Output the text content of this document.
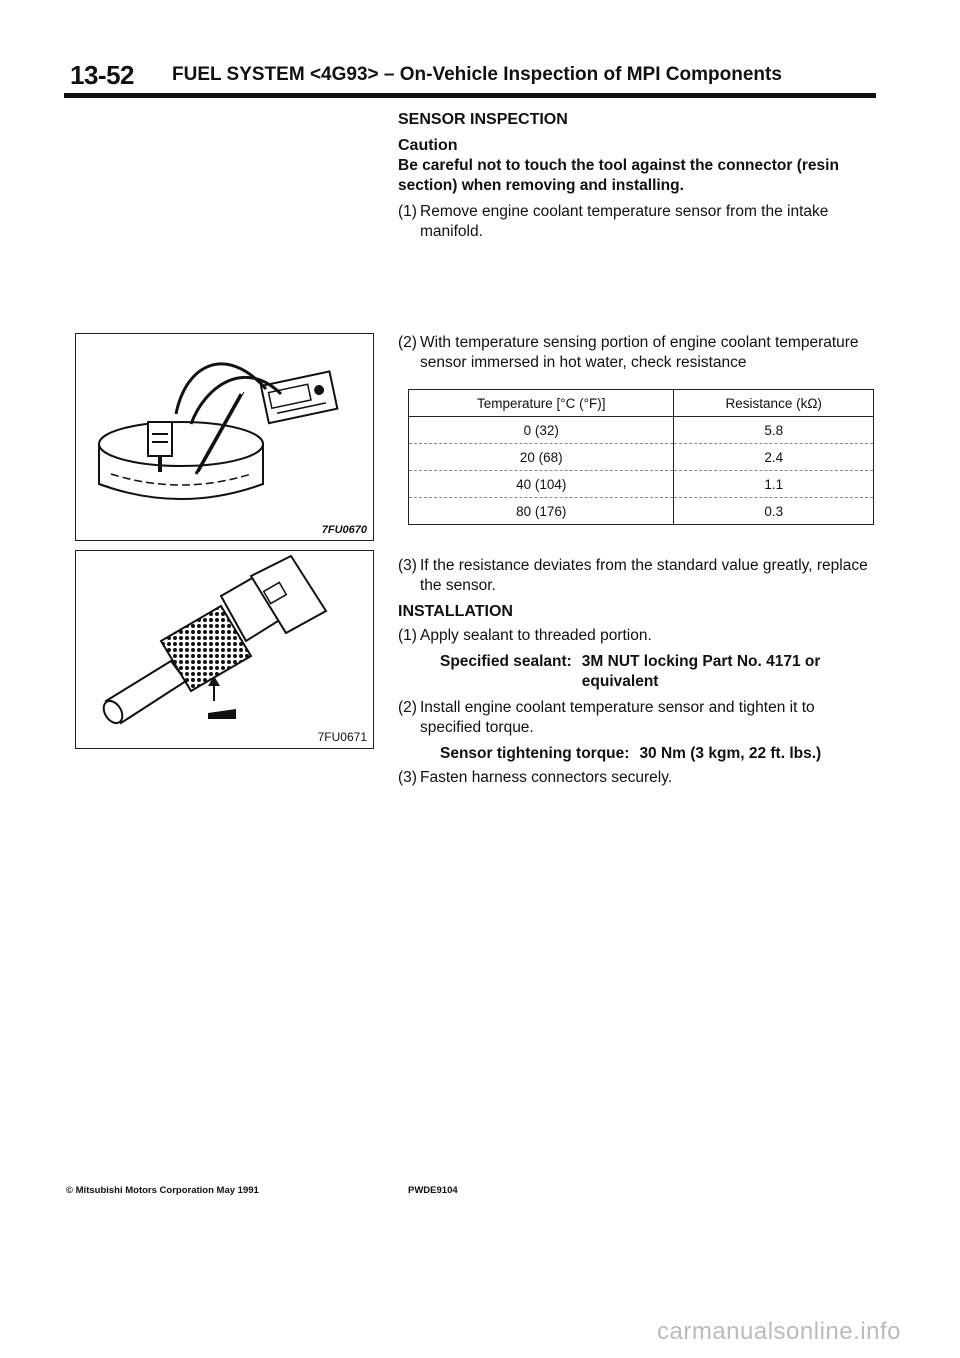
13-52 FUEL SYSTEM <4G93> – On-Vehicle Inspection of MPI Components
7FU0670
7FU0671
SENSOR INSPECTION
Caution
Be careful not to touch the tool against the connector (resin section) when removing and installing.
(1) Remove engine coolant temperature sensor from the intake manifold.
(2) With temperature sensing portion of engine coolant temperature sensor immersed in hot water, check resistance
Temperature [°C (°F)]	Resistance (kΩ)
0 (32)	5.8
20 (68)	2.4
40 (104)	1.1
80 (176)	0.3
(3) If the resistance deviates from the standard value greatly, replace the sensor.
INSTALLATION
(1) Apply sealant to threaded portion.
Specified sealant: 3M NUT locking Part No. 4171 or equivalent
(2) Install engine coolant temperature sensor and tighten it to specified torque.
Sensor tightening torque: 30 Nm (3 kgm, 22 ft. lbs.)
(3) Fasten harness connectors securely.
© Mitsubishi Motors Corporation May 1991	PWDE9104
carmanualsonline.info
